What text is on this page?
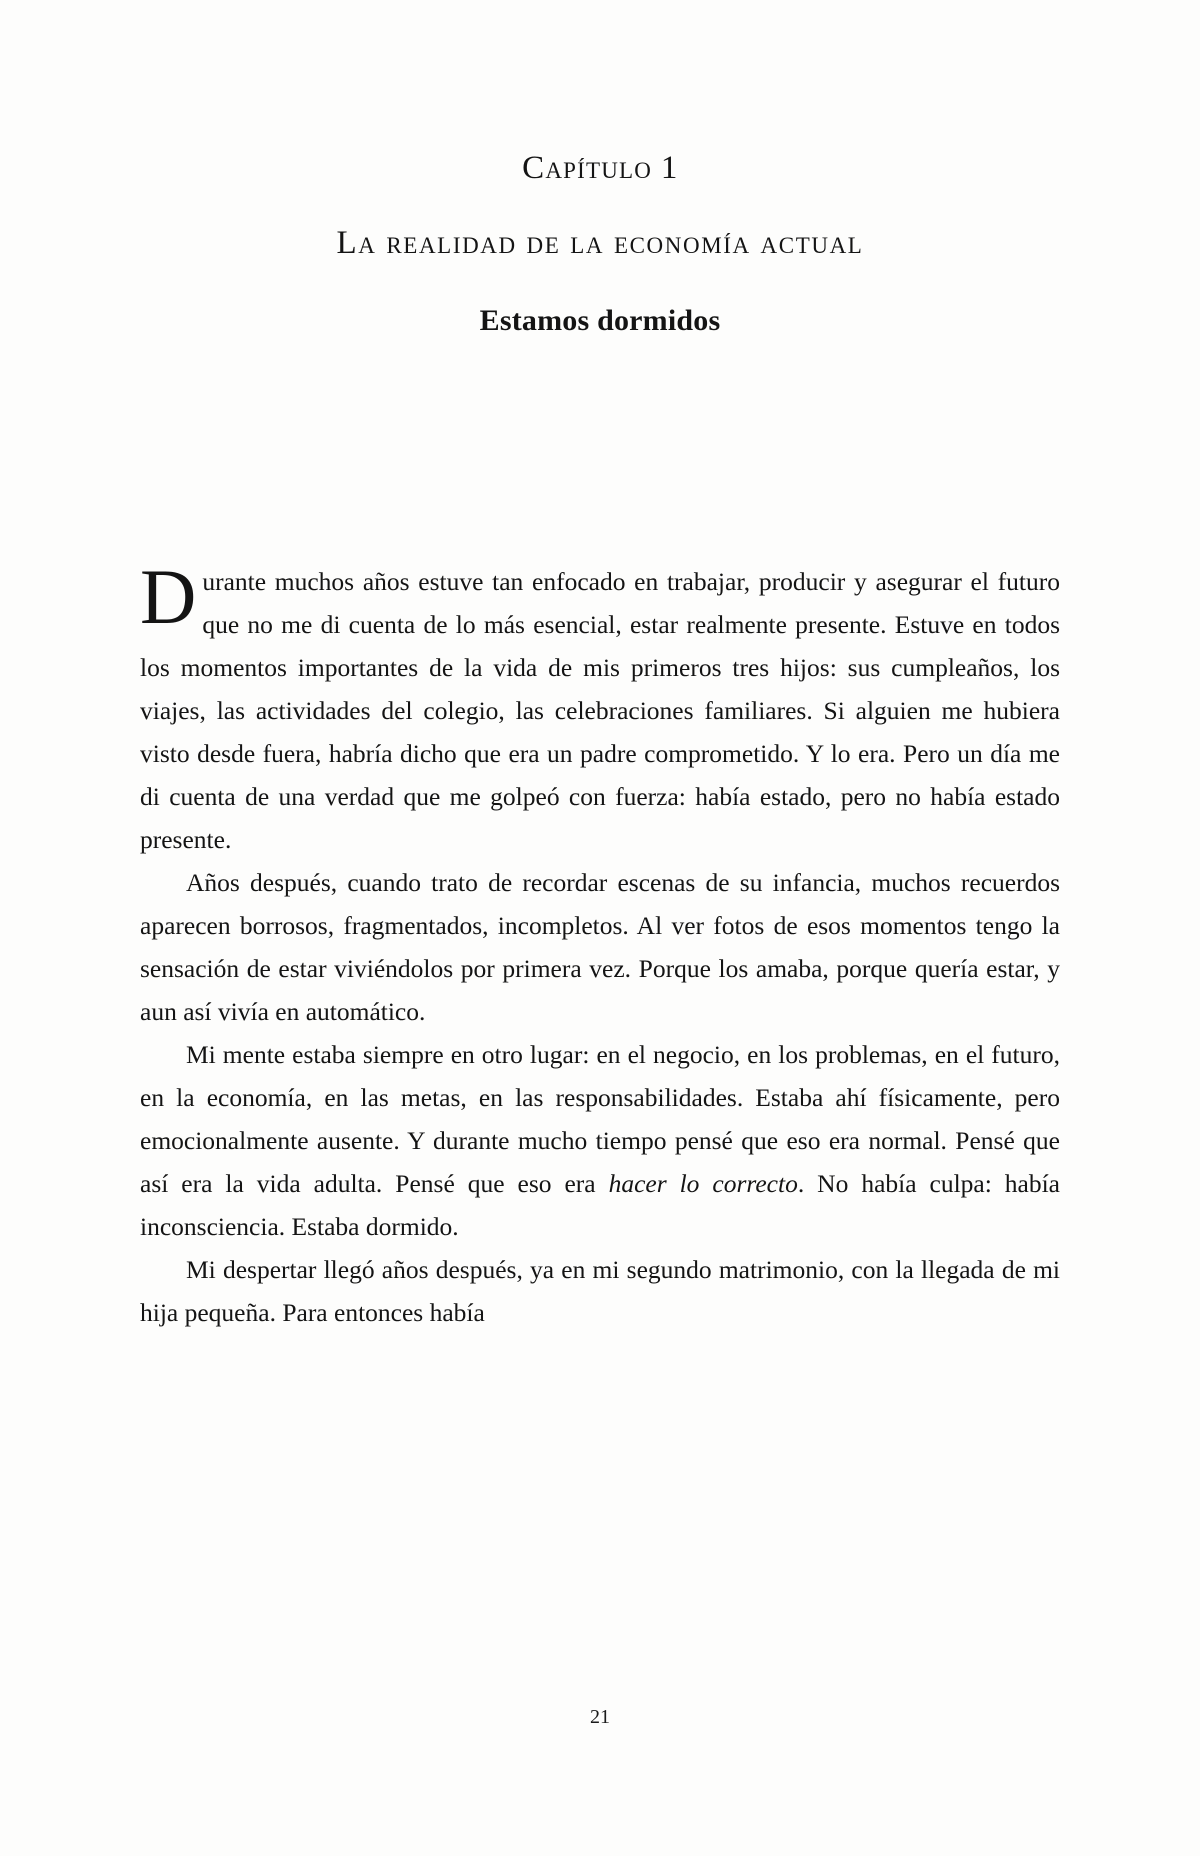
Capítulo 1
La realidad de la economía actual
Estamos dormidos

Durante muchos años estuve tan enfocado en trabajar, producir y asegurar el futuro que no me di cuenta de lo más esencial, estar realmente presente. Estuve en todos los momentos importantes de la vida de mis primeros tres hijos: sus cumpleaños, los viajes, las actividades del colegio, las celebraciones familiares. Si alguien me hubiera visto desde fuera, habría dicho que era un padre comprometido. Y lo era. Pero un día me di cuenta de una verdad que me golpeó con fuerza: había estado, pero no había estado presente.

Años después, cuando trato de recordar escenas de su infancia, muchos recuerdos aparecen borrosos, fragmentados, incompletos. Al ver fotos de esos momentos tengo la sensación de estar viviéndolos por primera vez. Porque los amaba, porque quería estar, y aun así vivía en automático.

Mi mente estaba siempre en otro lugar: en el negocio, en los problemas, en el futuro, en la economía, en las metas, en las responsabilidades. Estaba ahí físicamente, pero emocionalmente ausente. Y durante mucho tiempo pensé que eso era normal. Pensé que así era la vida adulta. Pensé que eso era hacer lo correcto. No había culpa: había inconsciencia. Estaba dormido.

Mi despertar llegó años después, ya en mi segundo matrimonio, con la llegada de mi hija pequeña. Para entonces había

21
